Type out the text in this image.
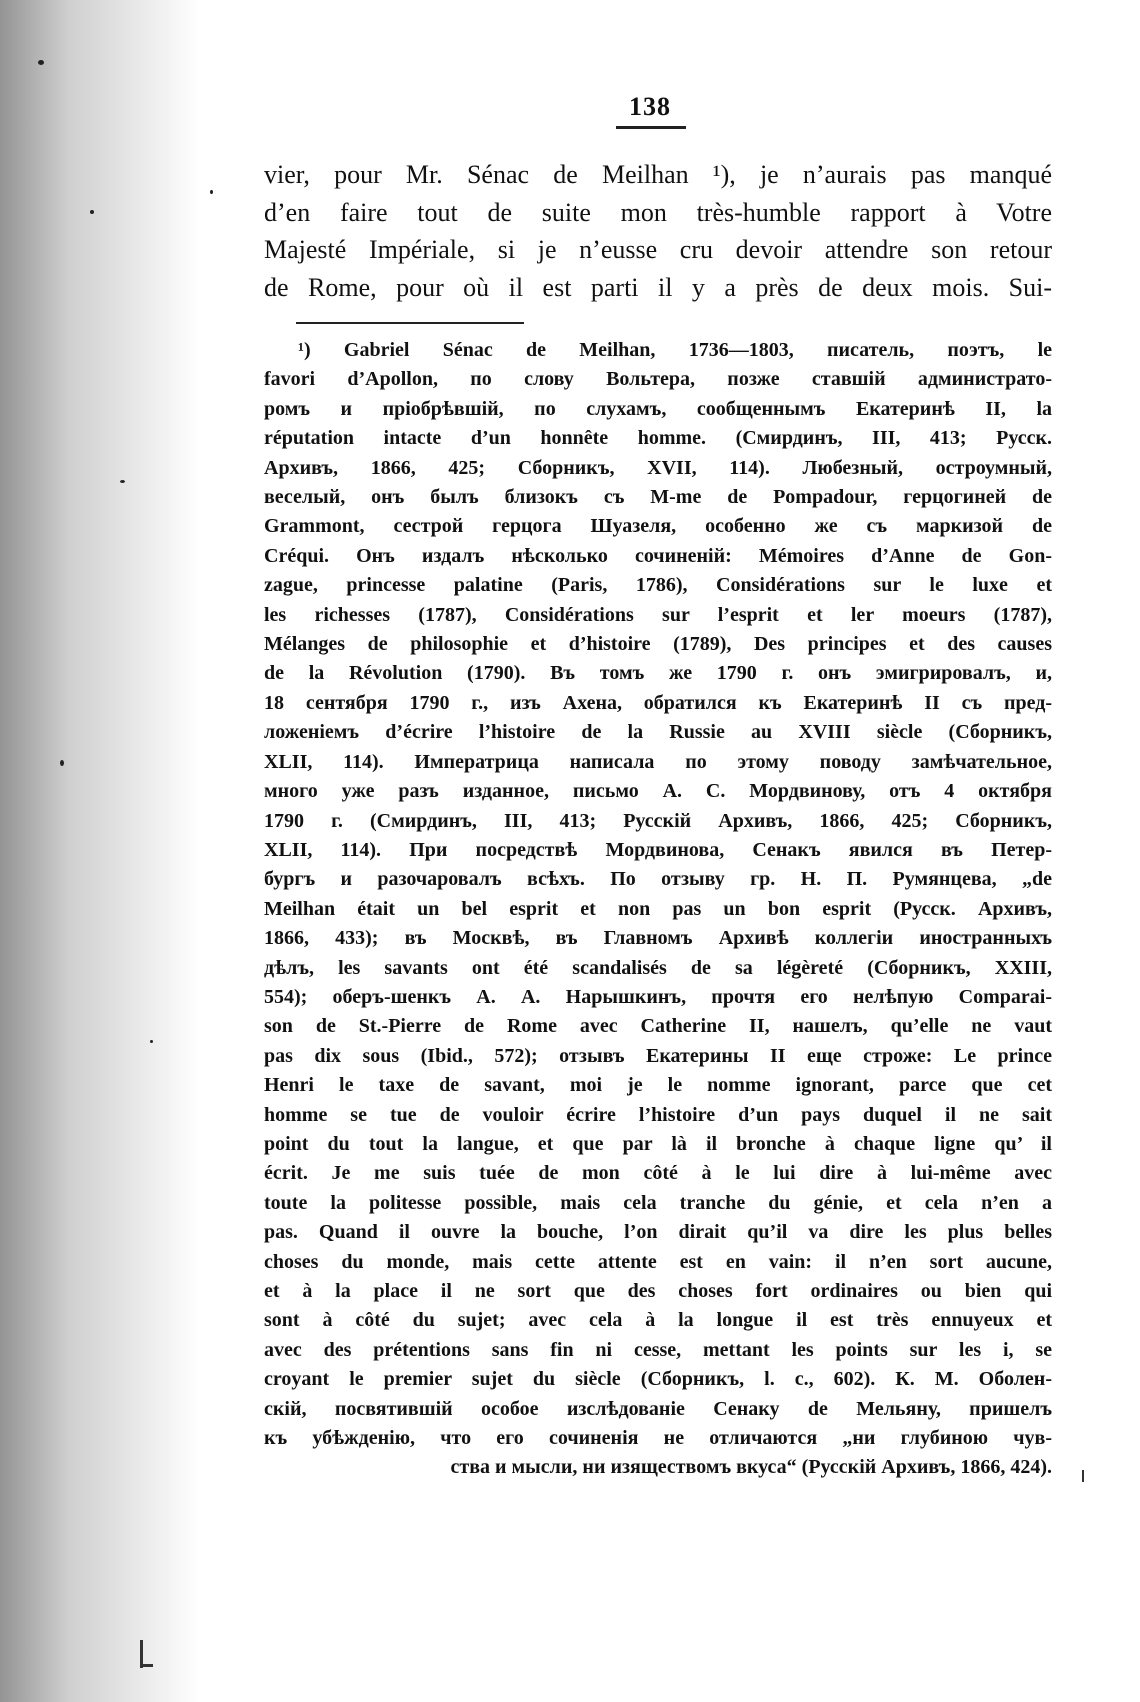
138
vier, pour Mr. Sénac de Meilhan ¹), je n’aurais pas manqué
d’en faire tout de suite mon très-humble rapport à Votre
Majesté Impériale, si je n’eusse cru devoir attendre son retour
de Rome, pour où il est parti il y a près de deux mois. Sui-
¹) Gabriel Sénac de Meilhan, 1736—1803, писатель, поэтъ, le
favori d’Apollon, по слову Вольтера, позже ставшій администрато-
ромъ и пріобрѣвшій, по слухамъ, сообщеннымъ Екатеринѣ II, la
réputation intacte d’un honnête homme. (Смирдинъ, III, 413; Русск.
Архивъ, 1866, 425; Сборникъ, XVII, 114). Любезный, остроумный,
веселый, онъ былъ близокъ съ M-me de Pompadour, герцогиней de
Grammont, сестрой герцога Шуазеля, особенно же съ маркизой de
Créqui. Онъ издалъ нѣсколько сочиненій: Mémoires d’Anne de Gon-
zague, princesse palatine (Paris, 1786), Considérations sur le luxe et
les richesses (1787), Considérations sur l’esprit et ler moeurs (1787),
Mélanges de philosophie et d’histoire (1789), Des principes et des causes
de la Révolution (1790). Въ томъ же 1790 г. онъ эмигрировалъ, и,
18 сентября 1790 г., изъ Ахена, обратился къ Екатеринѣ II съ пред-
ложеніемъ d’écrire l’histoire de la Russie au XVIII siècle (Сборникъ,
XLII, 114). Императрица написала по этому поводу замѣчательное,
много уже разъ изданное, письмо А. С. Мордвинову, отъ 4 октября
1790 г. (Смирдинъ, III, 413; Русскій Архивъ, 1866, 425; Сборникъ,
XLII, 114). При посредствѣ Мордвинова, Сенакъ явился въ Петер-
бургъ и разочаровалъ всѣхъ. По отзыву гр. Н. П. Румянцева, „de
Meilhan était un bel esprit et non pas un bon esprit (Русск. Архивъ,
1866, 433); въ Москвѣ, въ Главномъ Архивѣ коллегіи иностранныхъ
дѣлъ, les savants ont été scandalisés de sa légèreté (Сборникъ, XXIII,
554); оберъ-шенкъ А. А. Нарышкинъ, прочтя его нелѣпую Comparai-
son de St.-Pierre de Rome avec Catherine II, нашелъ, qu’elle ne vaut
pas dix sous (Ibid., 572); отзывъ Екатерины II еще строже: Le prince
Henri le taxe de savant, moi je le nomme ignorant, parce que cet
homme se tue de vouloir écrire l’histoire d’un pays duquel il ne sait
point du tout la langue, et que par là il bronche à chaque ligne qu’ il
écrit. Je me suis tuée de mon côté à le lui dire à lui-même avec
toute la politesse possible, mais cela tranche du génie, et cela n’en a
pas. Quand il ouvre la bouche, l’on dirait qu’il va dire les plus belles
choses du monde, mais cette attente est en vain: il n’en sort aucune,
et à la place il ne sort que des choses fort ordinaires ou bien qui
sont à côté du sujet; avec cela à la longue il est très ennuyeux et
avec des prétentions sans fin ni cesse, mettant les points sur les i, se
croyant le premier sujet du siècle (Сборникъ, l. c., 602). К. М. Оболен-
скій, посвятившій особое изслѣдованіе Сенаку de Мельяну, пришелъ
къ убѣжденію, что его сочиненія не отличаются „ни глубиною чув-
ства и мысли, ни изяществомъ вкуса“ (Русскій Архивъ, 1866, 424).
